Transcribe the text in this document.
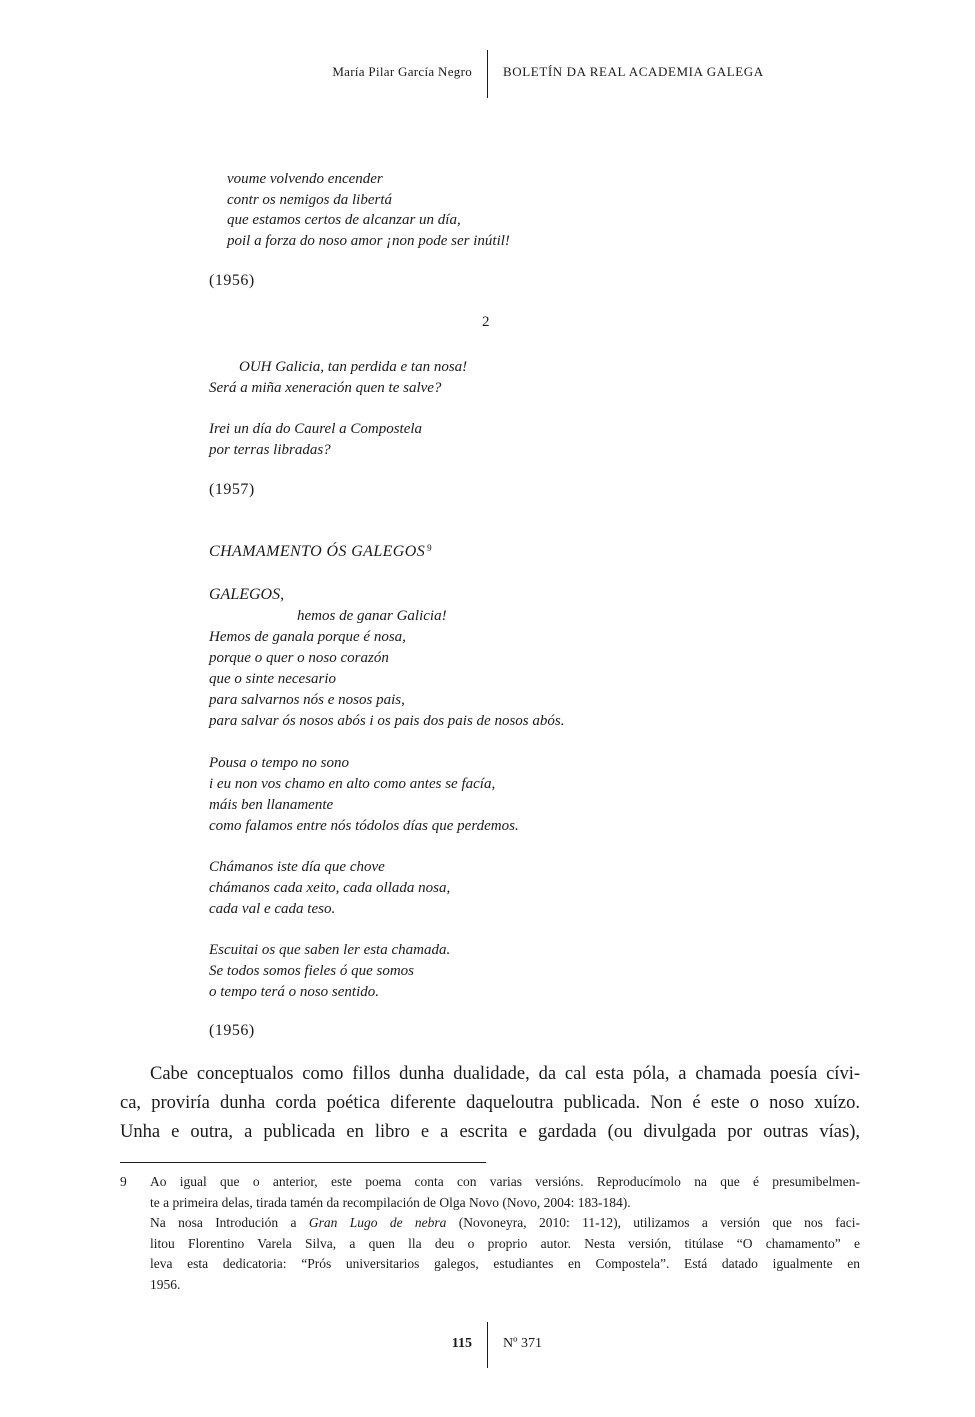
María Pilar García Negro BOLETÍN DA REAL ACADEMIA GALEGA
voume volvendo encender
contr os nemigos da libertá
que estamos certos de alcanzar un día,
poil a forza do noso amor ¡non pode ser inútil!
(1956)
2
OUH Galicia, tan perdida e tan nosa!
Será a miña xeneración quen te salve?
Irei un día do Caurel a Compostela
por terras libradas?
(1957)
CHAMAMENTO ÓS GALEGOS $^9$
GALEGOS,
hemos de ganar Galicia!
Hemos de ganala porque é nosa,
porque o quer o noso corazón
que o sinte necesario
para salvarnos nós e nosos pais,
para salvar ós nosos abós i os pais dos pais de nosos abós.
Pousa o tempo no sono
i eu non vos chamo en alto como antes se facía,
máis ben llanamente
como falamos entre nós tódolos días que perdemos.
Chámanos iste día que chove
chámanos cada xeito, cada ollada nosa,
cada val e cada teso.
Escuitai os que saben ler esta chamada.
Se todos somos fieles ó que somos
o tempo terá o noso sentido.
(1956)
Cabe conceptualos como fillos dunha dualidade, da cal esta póla, a chamada poesía cívi-
ca, proviría dunha corda poética diferente daqueloutra publicada. Non é este o noso xuízo.
Unha e outra, a publicada en libro e a escrita e gardada (ou divulgada por outras vías),
9 Ao igual que o anterior, este poema conta con varias versións. Reproducímolo na que é presumibelmen-
te a primeira delas, tirada tamén da recompilación de Olga Novo (Novo, 2004: 183-184).
Na nosa Introdución a Gran Lugo de nebra (Novoneyra, 2010: 11-12), utilizamos a versión que nos faci-
litou Florentino Varela Silva, a quen lla deu o proprio autor. Nesta versión, titúlase “O chamamento” e
leva esta dedicatoria: “Prós universitarios galegos, estudiantes en Compostela”. Está datado igualmente en
1956.
115 Nº 371
